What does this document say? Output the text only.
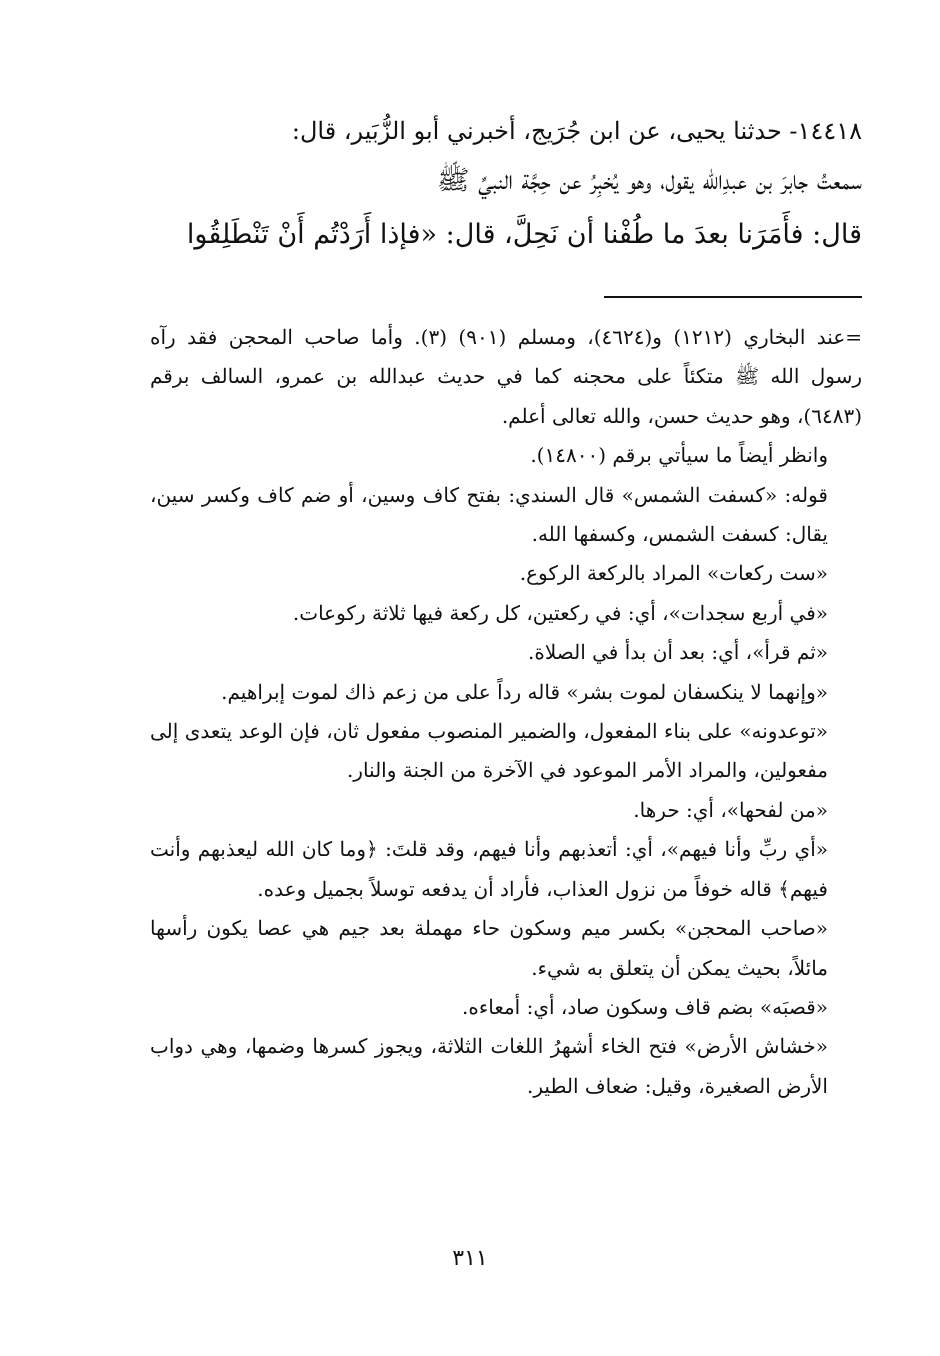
١٤٤١٨- حدثنا يحيى، عن ابن جُرَيج، أخبرني أبو الزُّبَير، قال:

سمعتُ جابرَ بن عبدِالله يقول، وهو يُخبِرُ عن حِجَّة النبيِّ ﷺ

قال: فأَمَرَنا بعدَ ما طُفْنا أن نَحِلَّ، قال: «فإذا أَرَدْتُم أَنْ تَنْطَلِقُوا

=عند البخاري (١٢١٢) و(٤٦٢٤)، ومسلم (٩٠١) (٣). وأما صاحب المحجن فقد رآه رسول الله ﷺ متكئاً على محجنه كما في حديث عبدالله بن عمرو، السالف برقم (٦٤٨٣)، وهو حديث حسن، والله تعالى أعلم.

وانظر أيضاً ما سيأتي برقم (١٤٨٠٠).

قوله: «كسفت الشمس» قال السندي: بفتح كاف وسين، أو ضم كاف وكسر سين، يقال: كسفت الشمس، وكسفها الله.

«ست ركعات» المراد بالركعة الركوع.

«في أربع سجدات»، أي: في ركعتين، كل ركعة فيها ثلاثة ركوعات.

«ثم قرأ»، أي: بعد أن بدأ في الصلاة.

«وإنهما لا ينكسفان لموت بشر» قاله رداً على من زعم ذاك لموت إبراهيم.

«توعدونه» على بناء المفعول، والضمير المنصوب مفعول ثان، فإن الوعد يتعدى إلى مفعولين، والمراد الأمر الموعود في الآخرة من الجنة والنار.

«من لفحها»، أي: حرها.

«أي ربِّ وأنا فيهم»، أي: أتعذبهم وأنا فيهم، وقد قلتَ: ﴿وما كان الله ليعذبهم وأنت فيهم﴾ قاله خوفاً من نزول العذاب، فأراد أن يدفعه توسلاً بجميل وعده.

«صاحب المحجن» بكسر ميم وسكون حاء مهملة بعد جيم هي عصا يكون رأسها مائلاً، بحيث يمكن أن يتعلق به شيء.

«قصبَه» بضم قاف وسكون صاد، أي: أمعاءه.

«خشاش الأرض» فتح الخاء أشهرُ اللغات الثلاثة، ويجوز كسرها وضمها، وهي دواب الأرض الصغيرة، وقيل: ضعاف الطير.

٣١١
